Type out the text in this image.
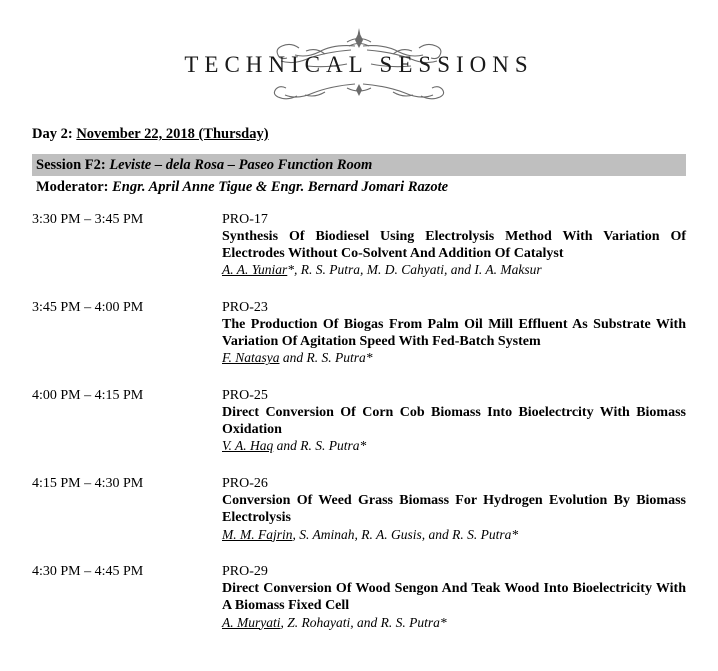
TECHNICAL SESSIONS
Day 2: November 22, 2018 (Thursday)
Session F2: Leviste – dela Rosa – Paseo Function Room
Moderator: Engr. April Anne Tigue & Engr. Bernard Jomari Razote
3:30 PM – 3:45 PM	PRO-17
Synthesis Of Biodiesel Using Electrolysis Method With Variation Of Electrodes Without Co-Solvent And Addition Of Catalyst
A. A. Yuniar*, R. S. Putra, M. D. Cahyati, and I. A. Maksur

3:45 PM – 4:00 PM	PRO-23
The Production Of Biogas From Palm Oil Mill Effluent As Substrate With Variation Of Agitation Speed With Fed-Batch System
F. Natasya and R. S. Putra*

4:00 PM – 4:15 PM	PRO-25
Direct Conversion Of Corn Cob Biomass Into Bioelectrcity With Biomass Oxidation
V. A. Haq and R. S. Putra*

4:15 PM – 4:30 PM	PRO-26
Conversion Of Weed Grass Biomass For Hydrogen Evolution By Biomass Electrolysis
M. M. Fajrin, S. Aminah, R. A. Gusis, and R. S. Putra*

4:30 PM – 4:45 PM	PRO-29
Direct Conversion Of Wood Sengon And Teak Wood Into Bioelectricity With A Biomass Fixed Cell
A. Muryati, Z. Rohayati, and R. S. Putra*
